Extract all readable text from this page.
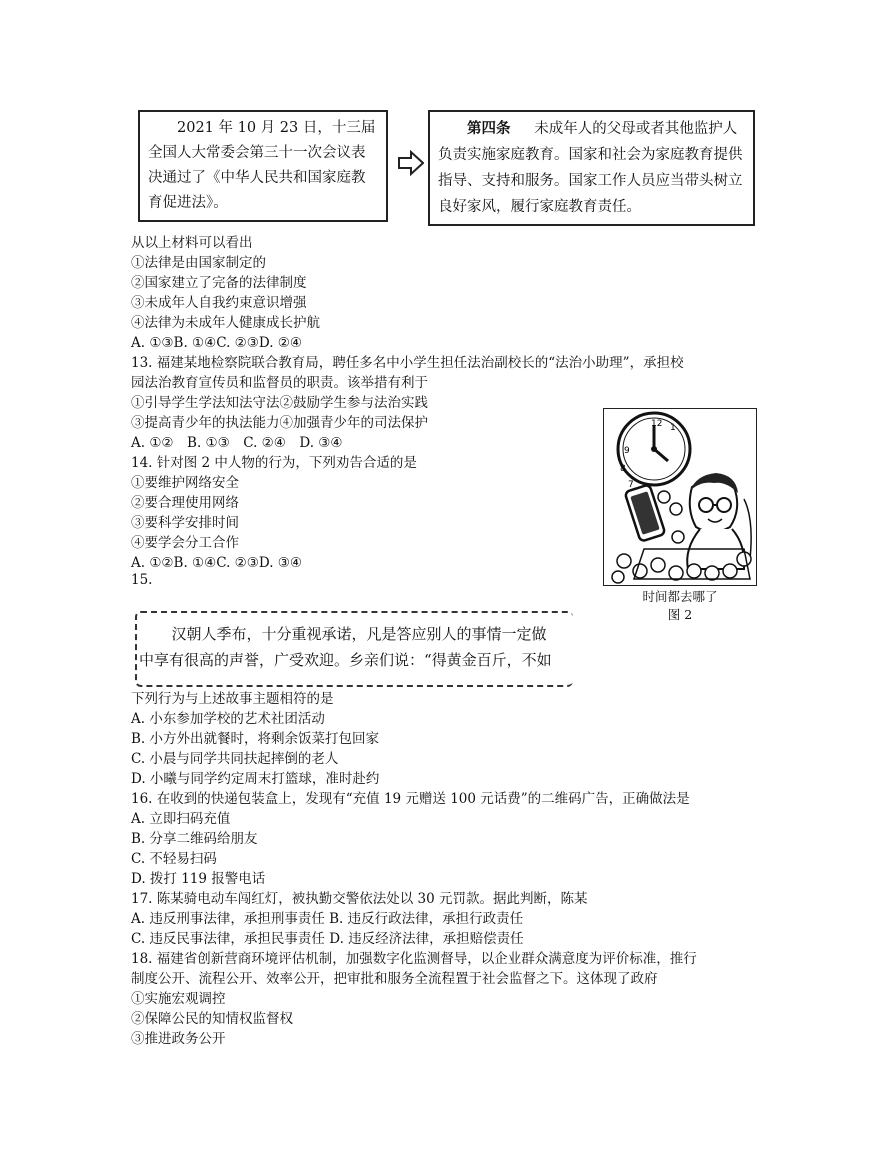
2021 年 10 月 23 日，十三届全国人大常委会第三十一次会议表决通过了《中华人民共和国家庭教育促进法》。
第四条 　 未成年人的父母或者其他监护人负责实施家庭教育。国家和社会为家庭教育提供指导、支持和服务。国家工作人员应当带头树立良好家风，履行家庭教育责任。
从以上材料可以看出
①法律是由国家制定的
②国家建立了完备的法律制度
③未成年人自我约束意识增强
④法律为未成年人健康成长护航
A. ①③B. ①④C. ②③D. ②④
13. 福建某地检察院联合教育局，聘任多名中小学生担任法治副校长的“法治小助理”，承担校
园法治教育宣传员和监督员的职责。该举措有利于
①引导学生学法知法守法②鼓励学生参与法治实践
③提高青少年的执法能力④加强青少年的司法保护
A. ①②　B. ①③　C. ②④　D. ③④
14. 针对图 2 中人物的行为，下列劝告合适的是
①要维护网络安全
②要合理使用网络
③要科学安排时间
④要学会分工合作
A. ①②B. ①④C. ②③D. ③④
12 1
9
8
7
时间都去哪了
图 2
15.
汉朝人季布，十分重视承诺，凡是答应别人的事情一定做
中享有很高的声誉，广受欢迎。乡亲们说：“得黄金百斤，不如
下列行为与上述故事主题相符的是
A. 小东参加学校的艺术社团活动
B. 小方外出就餐时，将剩余饭菜打包回家
C. 小晨与同学共同扶起摔倒的老人
D. 小曦与同学约定周末打篮球，准时赴约
16. 在收到的快递包装盒上，发现有“充值 19 元赠送 100 元话费”的二维码广告，正确做法是
A. 立即扫码充值
B. 分享二维码给朋友
C. 不轻易扫码
D. 拨打 119 报警电话
17. 陈某骑电动车闯红灯，被执勤交警依法处以 30 元罚款。据此判断，陈某
A. 违反刑事法律，承担刑事责任 B. 违反行政法律，承担行政责任
C. 违反民事法律，承担民事责任 D. 违反经济法律，承担赔偿责任
18. 福建省创新营商环境评估机制，加强数字化监测督导，以企业群众满意度为评价标准，推行
制度公开、流程公开、效率公开，把审批和服务全流程置于社会监督之下。这体现了政府
①实施宏观调控
②保障公民的知情权监督权
③推进政务公开
